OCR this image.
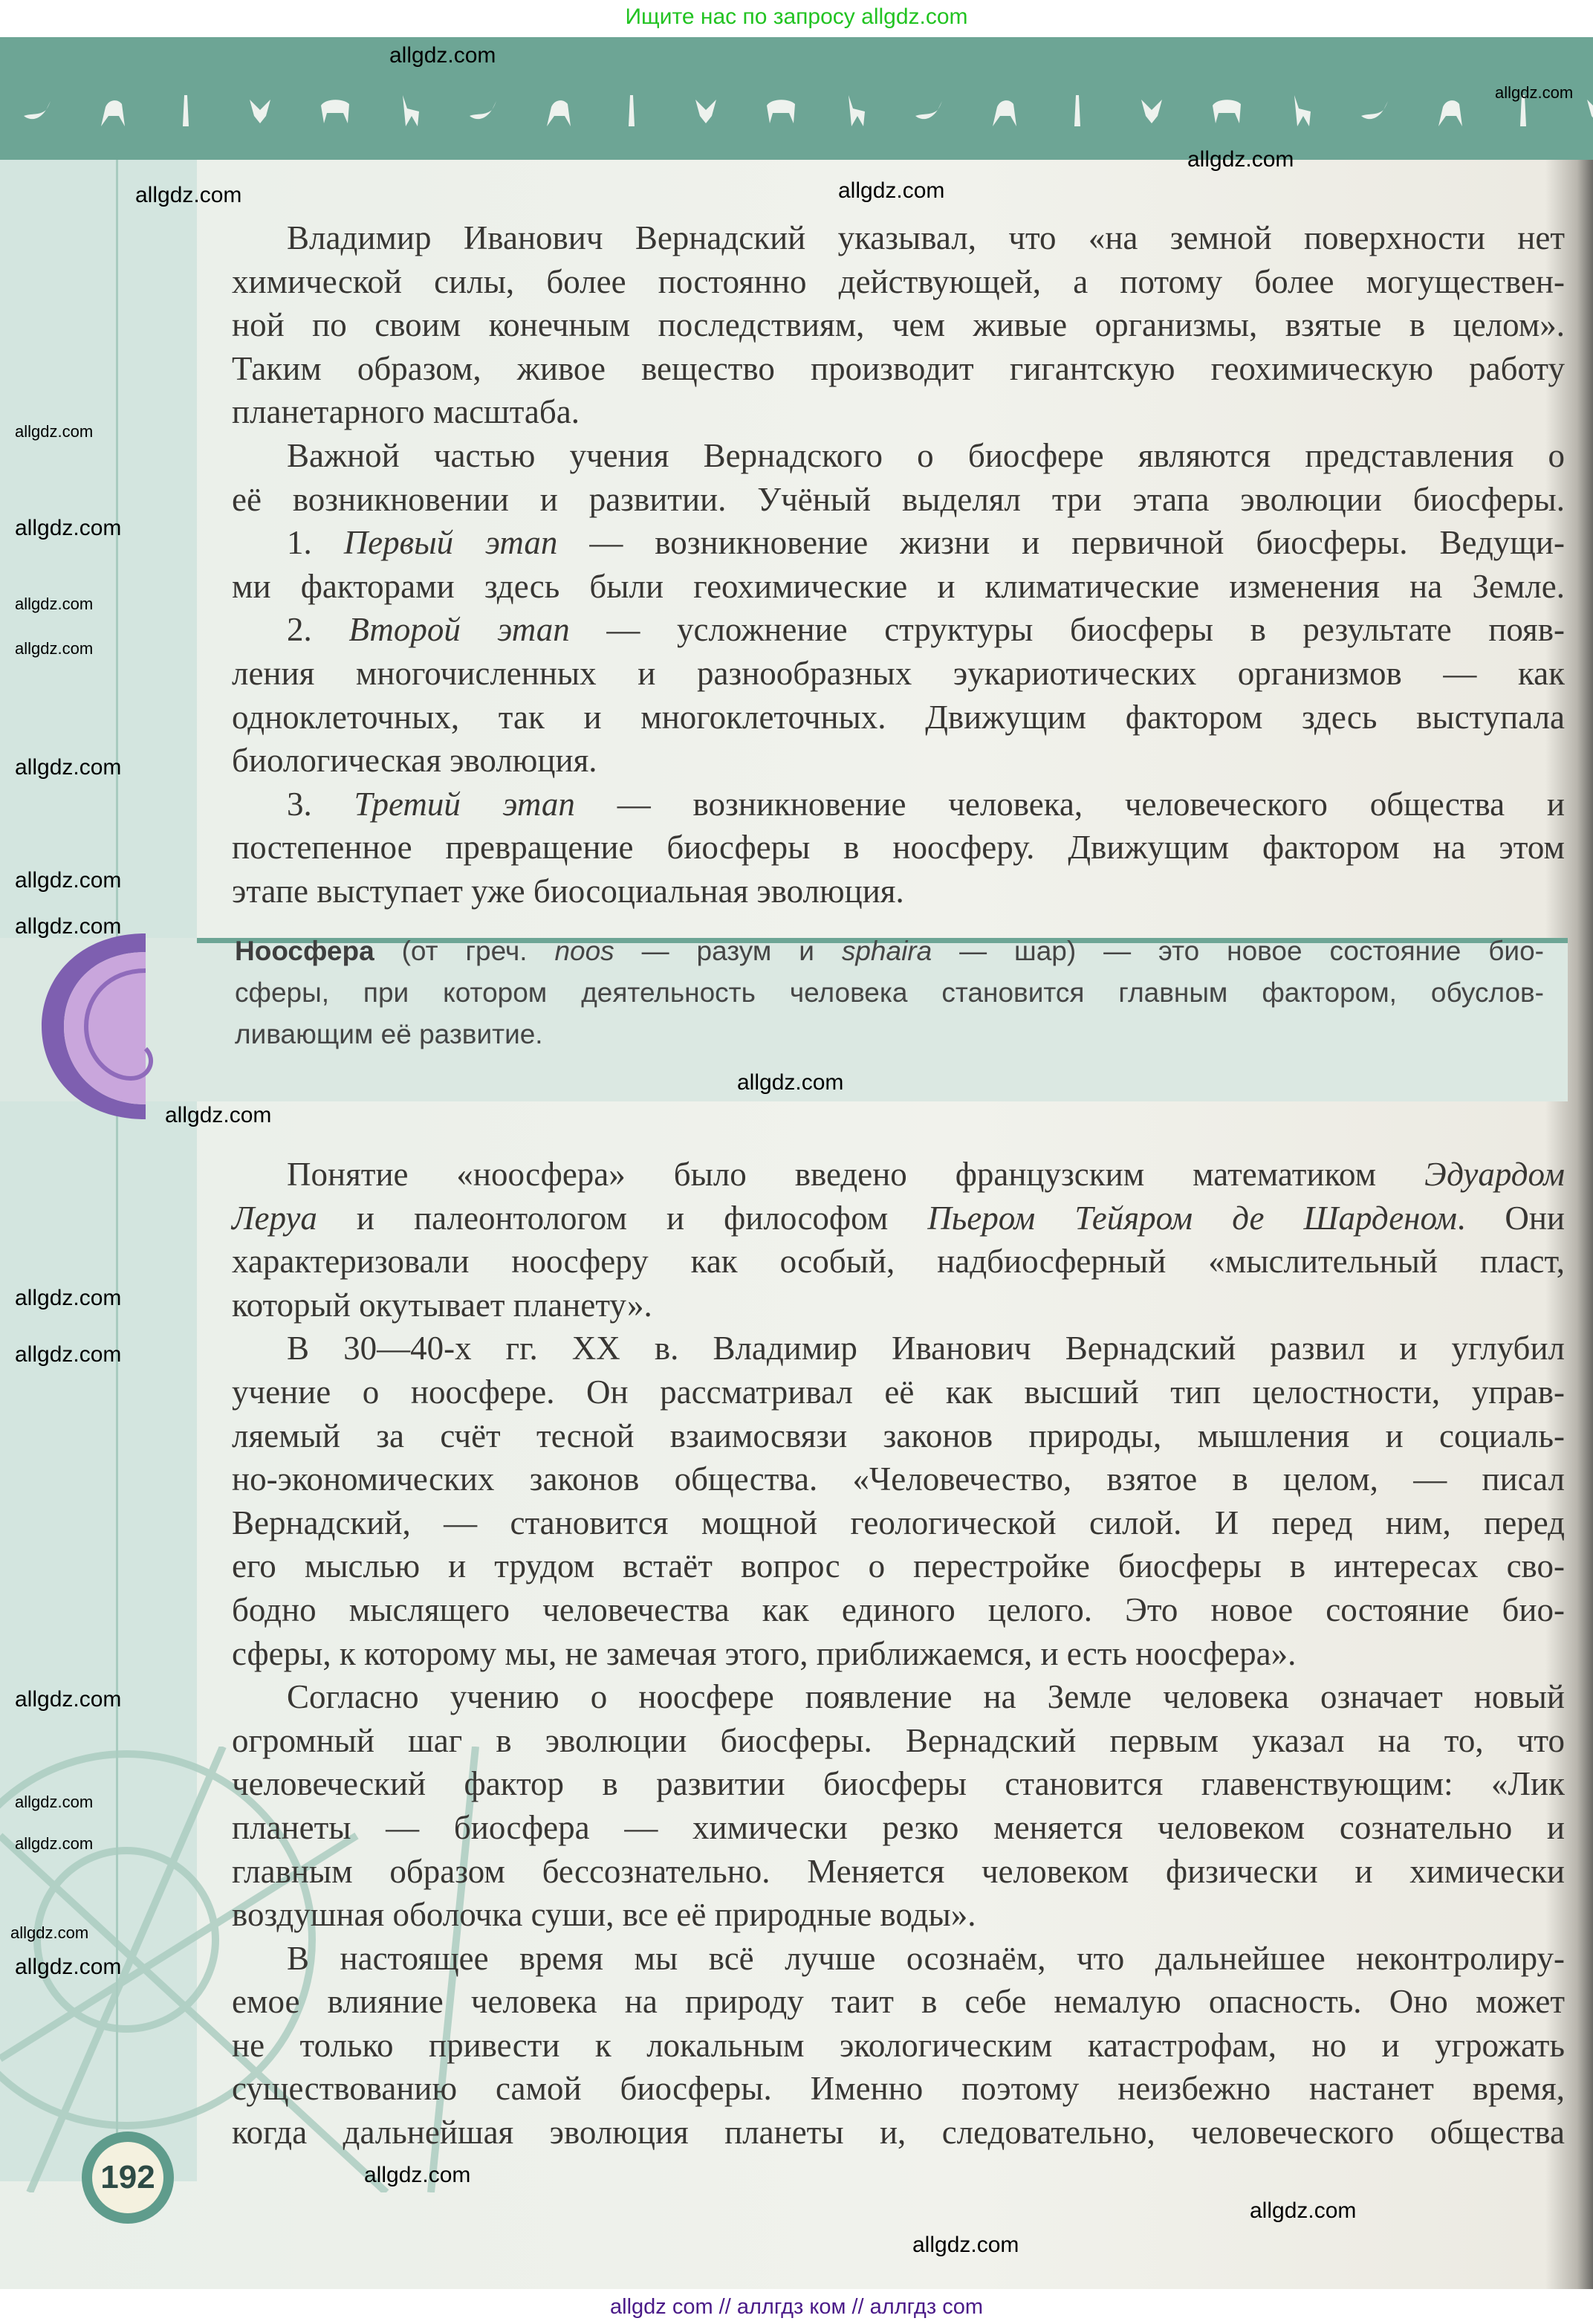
Ищите нас по запросу allgdz.com
192
Владимир Иванович Вернадский указывал, что «на земной поверхности нет
химической силы, более постоянно действующей, а потому более могуществен-
ной по своим конечным последствиям, чем живые организмы, взятые в целом».
Таким образом, живое вещество производит гигантскую геохимическую работу
планетарного масштаба.
Важной частью учения Вернадского о биосфере являются представления о
её возникновении и развитии. Учёный выделял три этапа эволюции биосферы.
1. Первый этап — возникновение жизни и первичной биосферы. Ведущи-
ми факторами здесь были геохимические и климатические изменения на Земле.
2. Второй этап — усложнение структуры биосферы в результате появ-
ления многочисленных и разнообразных эукариотических организмов — как
одноклеточных, так и многоклеточных. Движущим фактором здесь выступала
биологическая эволюция.
3. Третий этап — возникновение человека, человеческого общества и
постепенное превращение биосферы в ноосферу. Движущим фактором на этом
этапе выступает уже биосоциальная эволюция.
Ноосфера (от греч. noos — разум и sphaira — шар) — это новое состояние био-
сферы, при котором деятельность человека становится главным фактором, обуслов-
ливающим её развитие.
Понятие «ноосфера» было введено французским математиком Эдуардом
Леруа и палеонтологом и философом Пьером Тейяром де Шарденом. Они
характеризовали ноосферу как особый, надбиосферный «мыслительный пласт,
который окутывает планету».
В 30—40-х гг. XX в. Владимир Иванович Вернадский развил и углубил
учение о ноосфере. Он рассматривал её как высший тип целостности, управ-
ляемый за счёт тесной взаимосвязи законов природы, мышления и социаль-
но-экономических законов общества. «Человечество, взятое в целом, — писал
Вернадский, — становится мощной геологической силой. И перед ним, перед
его мыслью и трудом встаёт вопрос о перестройке биосферы в интересах сво-
бодно мыслящего человечества как единого целого. Это новое состояние био-
сферы, к которому мы, не замечая этого, приближаемся, и есть ноосфера».
Согласно учению о ноосфере появление на Земле человека означает новый
огромный шаг в эволюции биосферы. Вернадский первым указал на то, что
человеческий фактор в развитии биосферы становится главенствующим: «Лик
планеты — биосфера — химически резко меняется человеком сознательно и
главным образом бессознательно. Меняется человеком физически и химически
воздушная оболочка суши, все её природные воды».
В настоящее время мы всё лучше осознаём, что дальнейшее неконтролиру-
емое влияние человека на природу таит в себе немалую опасность. Оно может
не только привести к локальным экологическим катастрофам, но и угрожать
существованию самой биосферы. Именно поэтому неизбежно настанет время,
когда дальнейшая эволюция планеты и, следовательно, человеческого общества
allgdz.com
allgdz.com
allgdz.com
allgdz.com	allgdz.com
allgdz.com
allgdz.com
allgdz.com
allgdz.com
allgdz.com
allgdz.com
allgdz.com
allgdz.com
allgdz.com
allgdz.com
allgdz.com
allgdz.com
allgdz.com
allgdz.com
allgdz.com
allgdz.com
allgdz.com
allgdz.com
allgdz.com
allgdz com // аллгдз ком // аллгдз com
